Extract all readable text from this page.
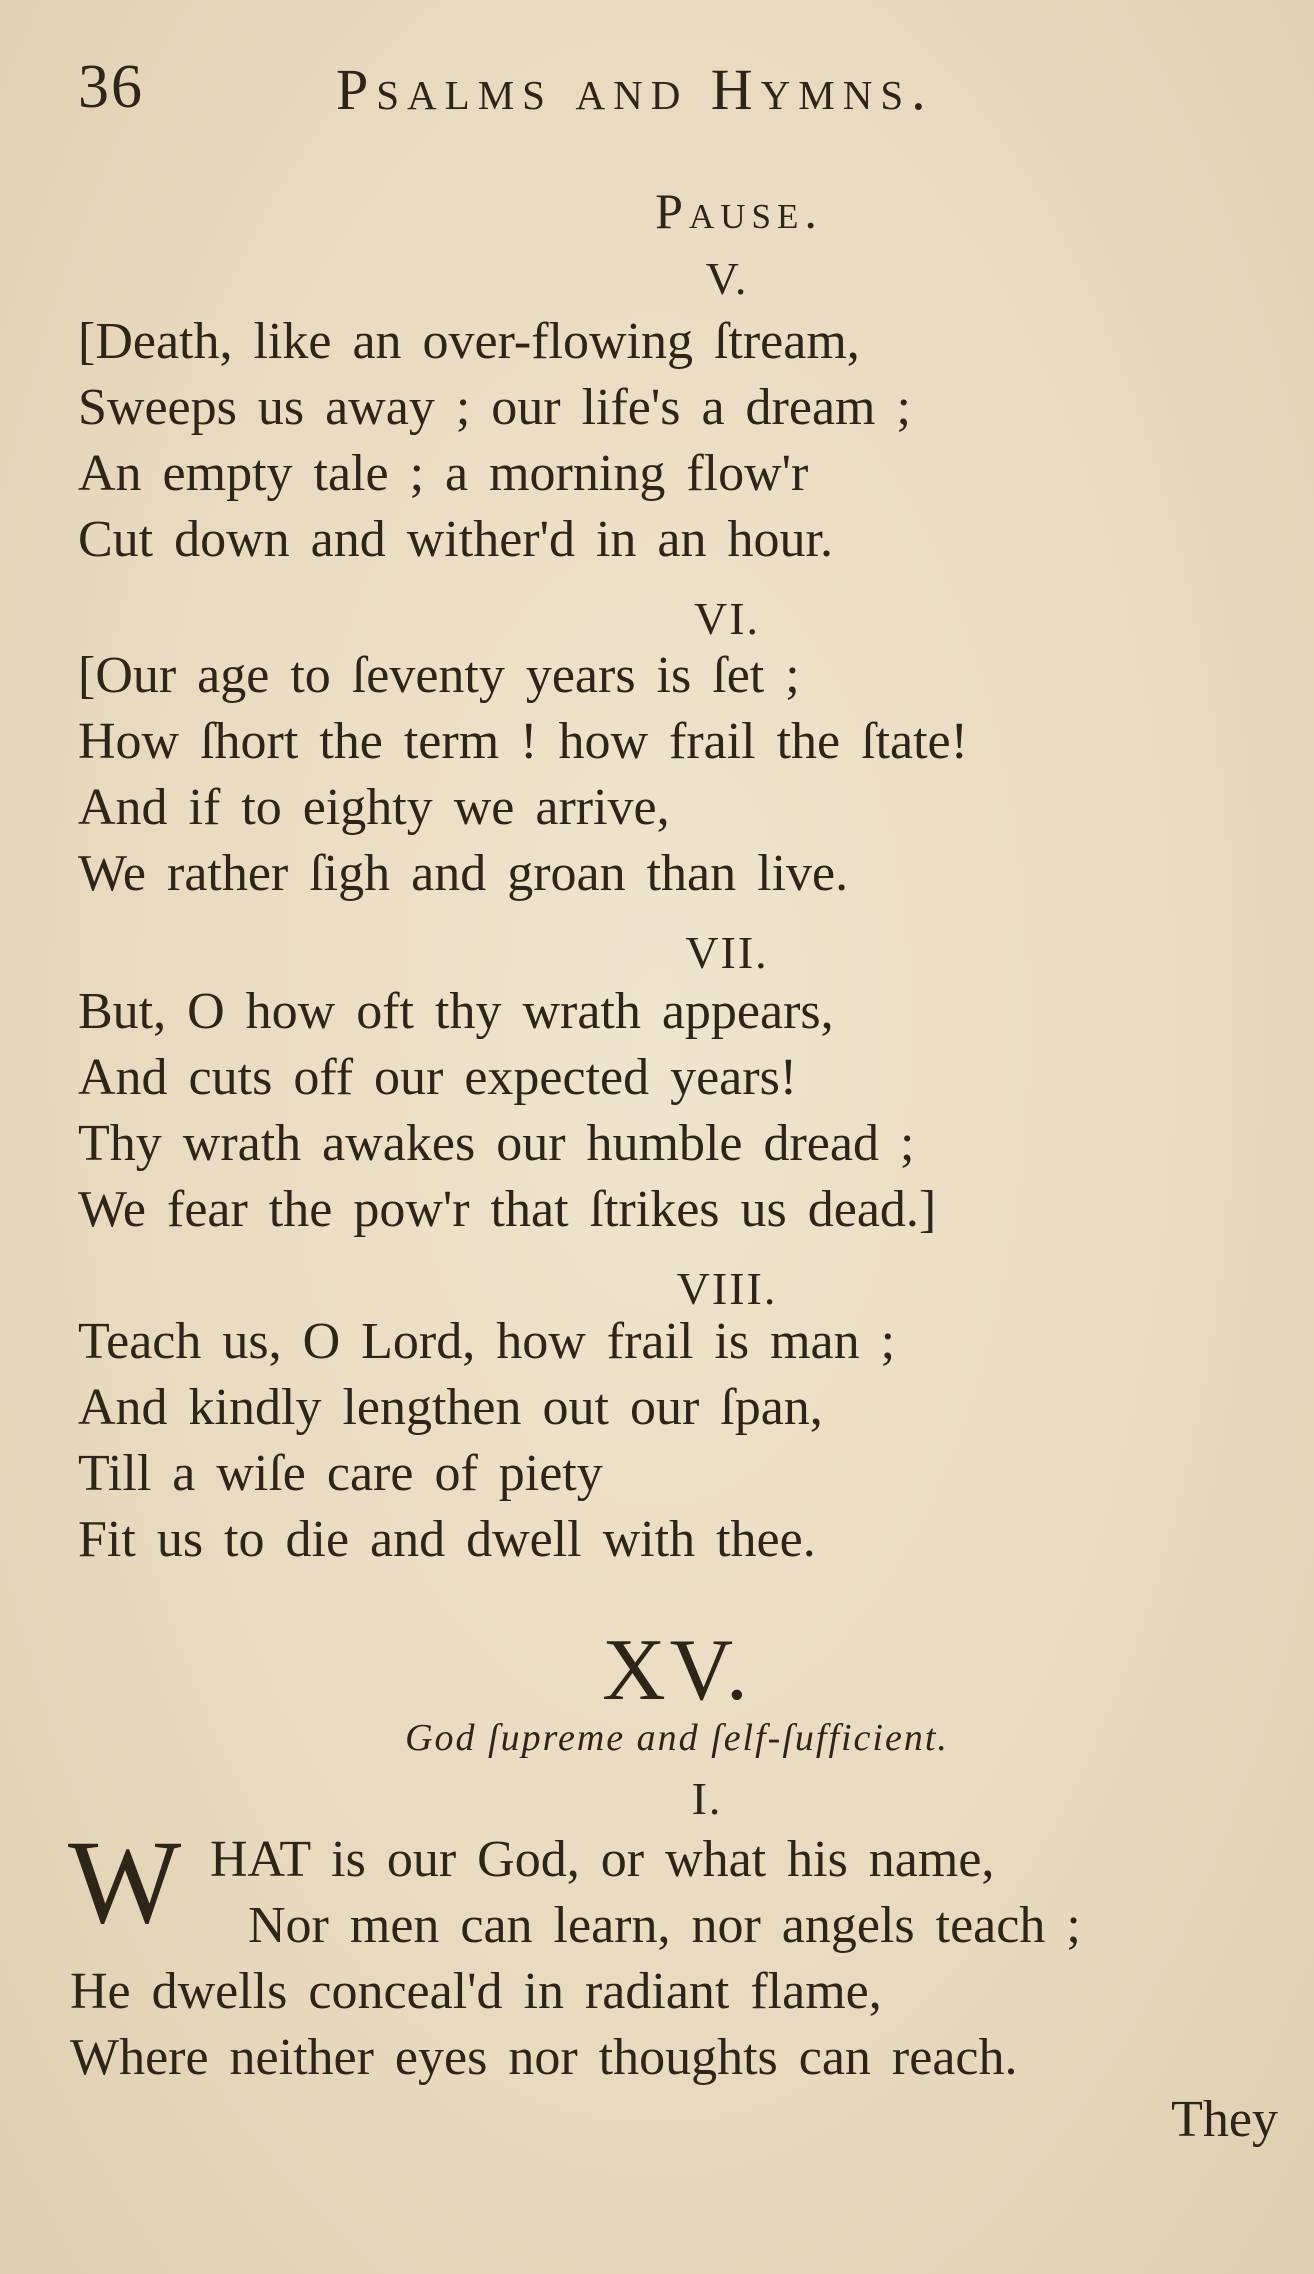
36	Psalms and Hymns.
Pause.
V.
[Death, like an over-flowing ſtream,
Sweeps us away ; our life's a dream ;
An empty tale ; a morning flow'r
Cut down and wither'd in an hour.
VI.
[Our age to ſeventy years is ſet ;
How ſhort the term ! how frail the ſtate!
And if to eighty we arrive,
We rather ſigh and groan than live.
VII.
But, O how oft thy wrath appears,
And cuts off our expected years!
Thy wrath awakes our humble dread ;
We fear the pow'r that ſtrikes us dead.]
VIII.
Teach us, O Lord, how frail is man ;
And kindly lengthen out our ſpan,
Till a wiſe care of piety
Fit us to die and dwell with thee.
XV.
God ſupreme and ſelf-ſufficient.
I.
W HAT is our God, or what his name,
Nor men can learn, nor angels teach ;
He dwells conceal'd in radiant flame,
Where neither eyes nor thoughts can reach.
They
